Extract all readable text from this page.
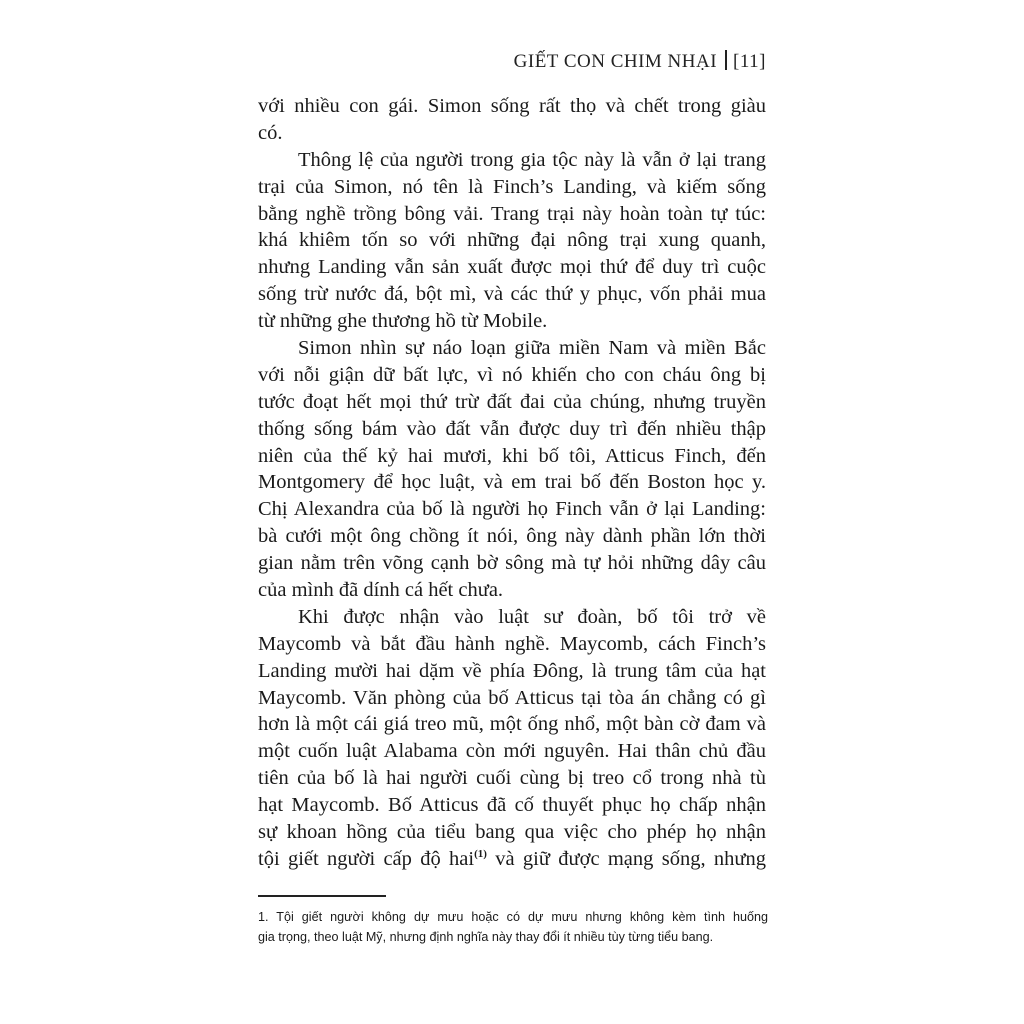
GIẾT CON CHIM NHẠI [11]
với nhiều con gái. Simon sống rất thọ và chết trong giàu
có.
Thông lệ của người trong gia tộc này là vẫn ở lại trang
trại của Simon, nó tên là Finch’s Landing, và kiếm sống
bằng nghề trồng bông vải. Trang trại này hoàn toàn tự túc:
khá khiêm tốn so với những đại nông trại xung quanh,
nhưng Landing vẫn sản xuất được mọi thứ để duy trì cuộc
sống trừ nước đá, bột mì, và các thứ y phục, vốn phải mua
từ những ghe thương hồ từ Mobile.
Simon nhìn sự náo loạn giữa miền Nam và miền Bắc
với nỗi giận dữ bất lực, vì nó khiến cho con cháu ông bị
tước đoạt hết mọi thứ trừ đất đai của chúng, nhưng truyền
thống sống bám vào đất vẫn được duy trì đến nhiều thập
niên của thế kỷ hai mươi, khi bố tôi, Atticus Finch, đến
Montgomery để học luật, và em trai bố đến Boston học y.
Chị Alexandra của bố là người họ Finch vẫn ở lại Landing:
bà cưới một ông chồng ít nói, ông này dành phần lớn thời
gian nằm trên võng cạnh bờ sông mà tự hỏi những dây câu
của mình đã dính cá hết chưa.
Khi được nhận vào luật sư đoàn, bố tôi trở về
Maycomb và bắt đầu hành nghề. Maycomb, cách Finch’s
Landing mười hai dặm về phía Đông, là trung tâm của hạt
Maycomb. Văn phòng của bố Atticus tại tòa án chẳng có gì
hơn là một cái giá treo mũ, một ống nhổ, một bàn cờ đam và
một cuốn luật Alabama còn mới nguyên. Hai thân chủ đầu
tiên của bố là hai người cuối cùng bị treo cổ trong nhà tù
hạt Maycomb. Bố Atticus đã cố thuyết phục họ chấp nhận
sự khoan hồng của tiểu bang qua việc cho phép họ nhận
tội giết người cấp độ hai$^{(1)}$ và giữ được mạng sống, nhưng
1. Tội giết người không dự mưu hoặc có dự mưu nhưng không kèm tình huống
gia trọng, theo luật Mỹ, nhưng định nghĩa này thay đổi ít nhiều tùy từng tiểu bang.
